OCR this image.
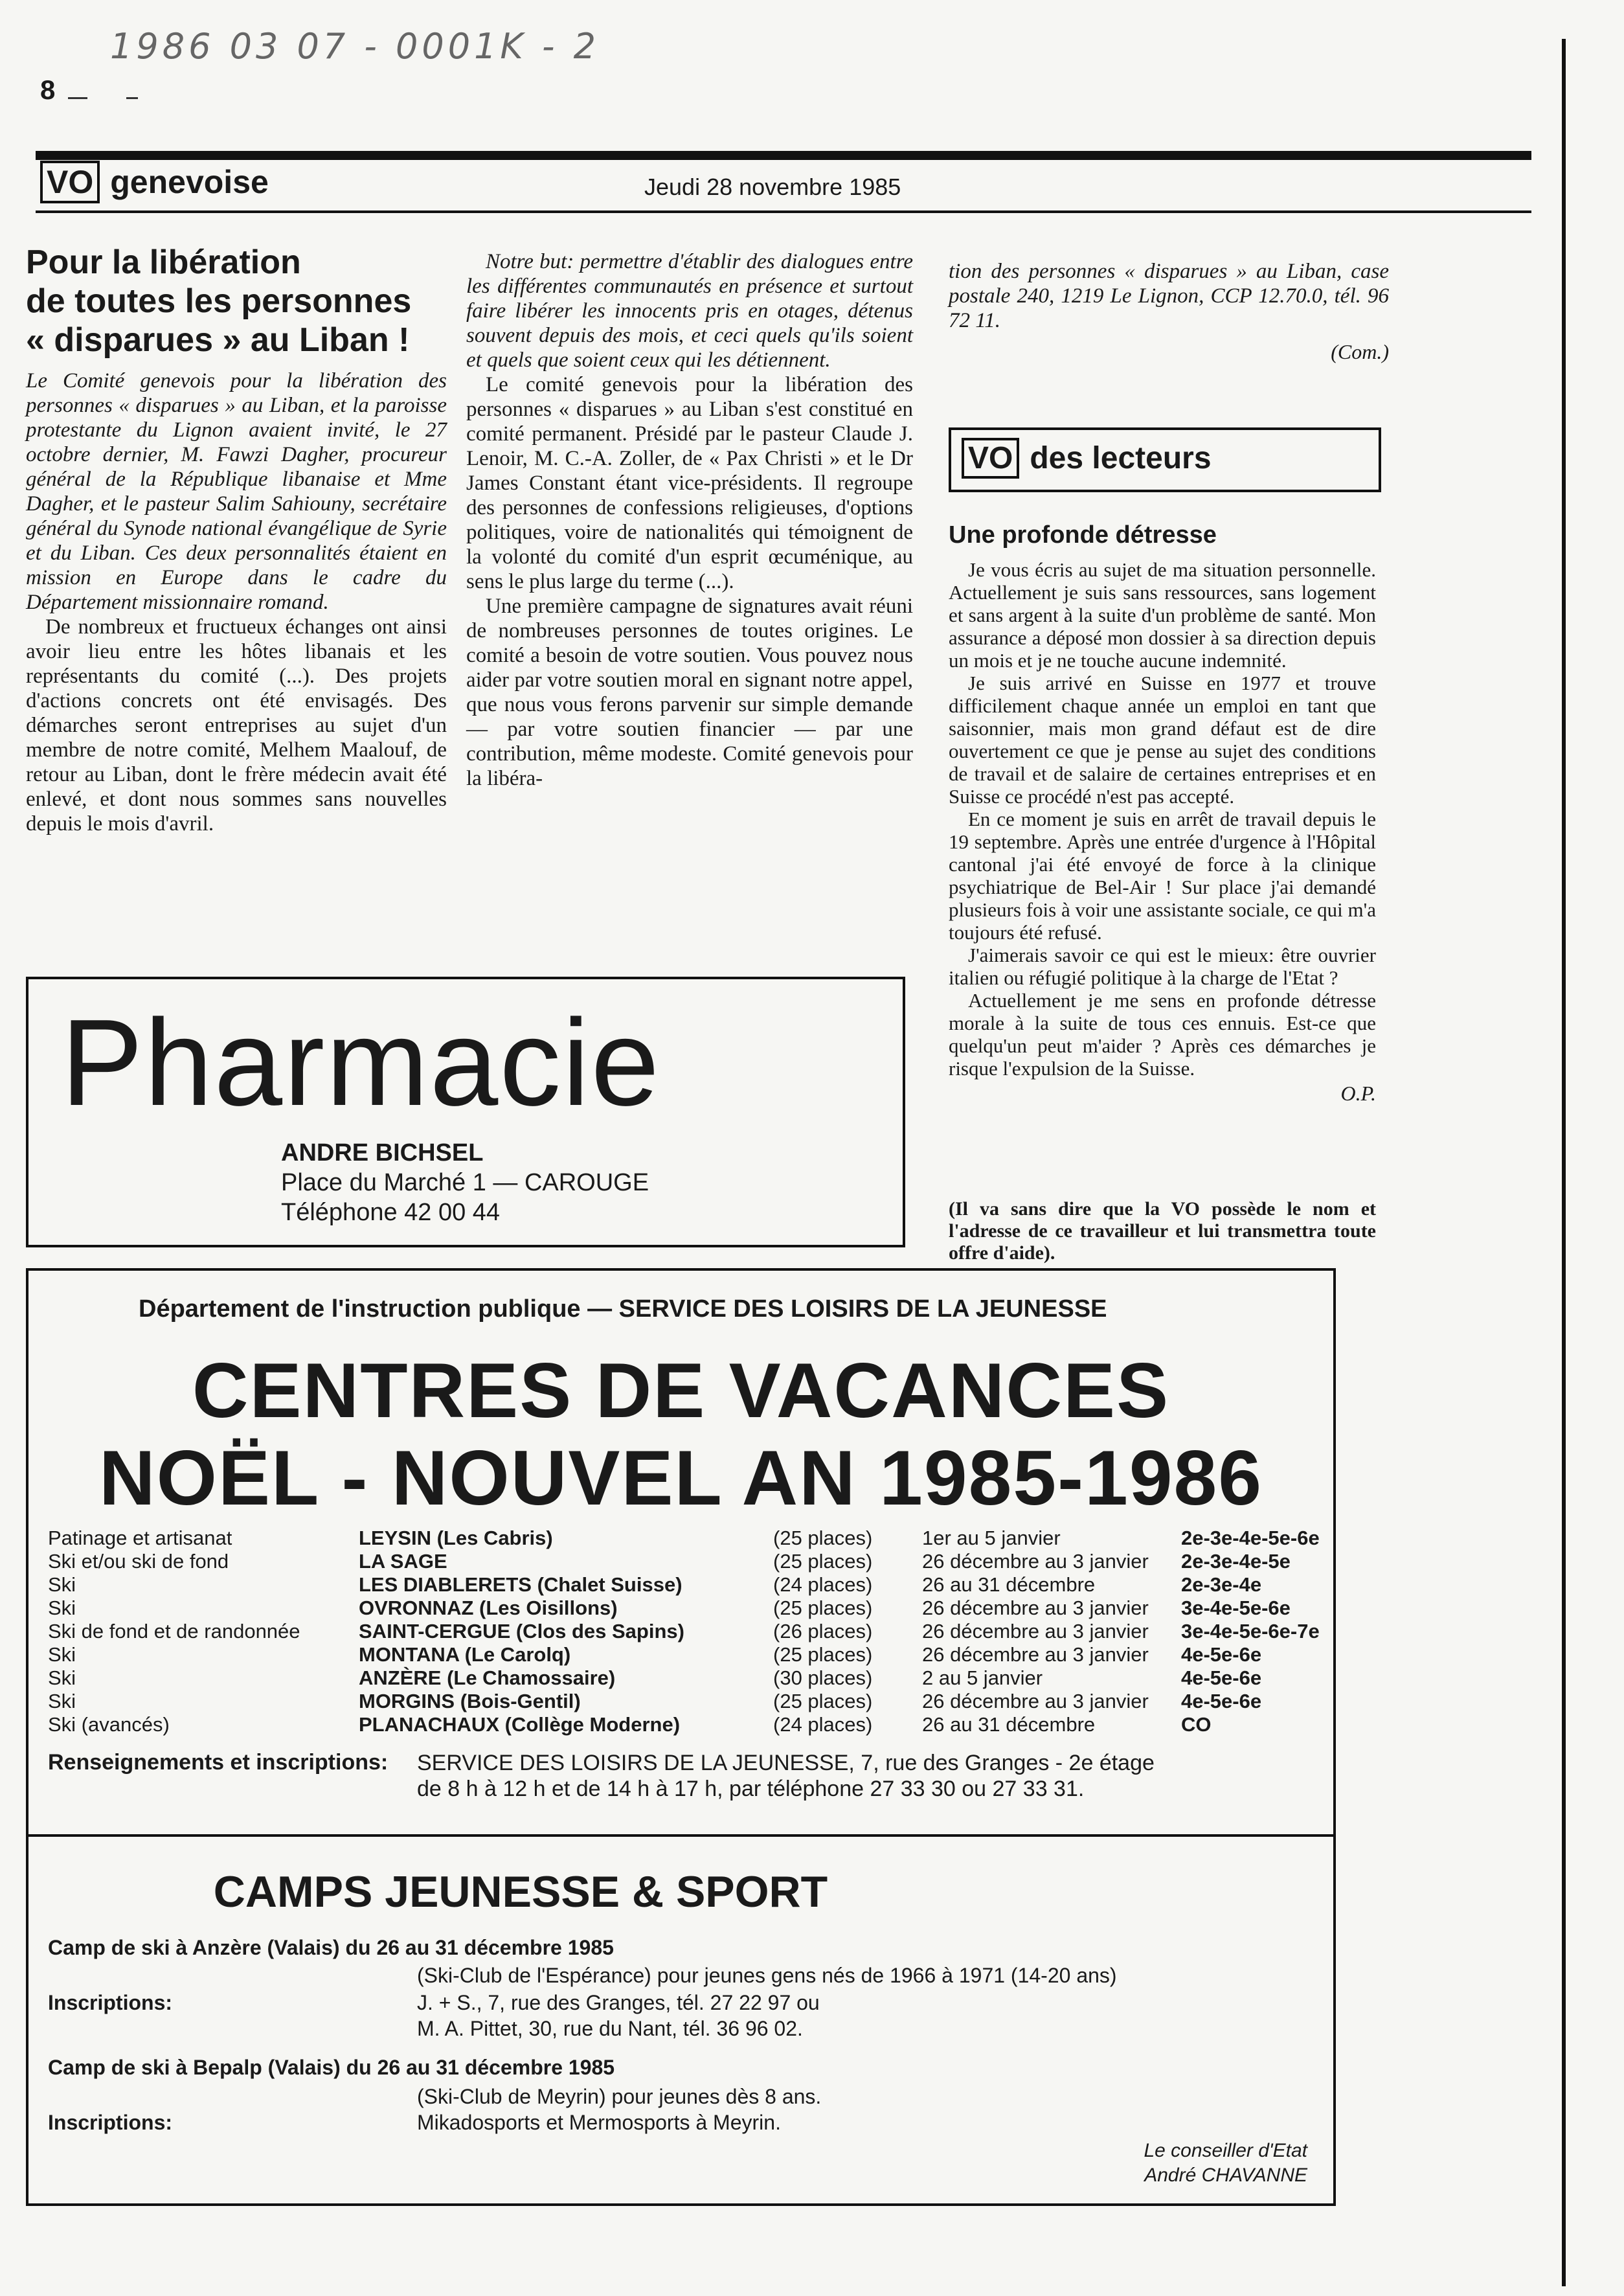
1986 03 07 - 0001K - 2
8
VO genevoise	Jeudi 28 novembre 1985
Pour la libération
de toutes les personnes
« disparues » au Liban !

Le Comité genevois pour la libération des personnes « disparues » au Liban, et la paroisse protestante du Lignon avaient invité, le 27 octobre dernier, M. Fawzi Dagher, procureur général de la République libanaise et Mme Dagher, et le pasteur Salim Sahiouny, secrétaire général du Synode national évangélique de Syrie et du Liban. Ces deux personnalités étaient en mission en Europe dans le cadre du Département missionnaire romand.

De nombreux et fructueux échanges ont ainsi avoir lieu entre les hôtes libanais et les représentants du comité (...). Des projets d'actions concrets ont été envisagés. Des démarches seront entreprises au sujet d'un membre de notre comité, Melhem Maalouf, de retour au Liban, dont le frère médecin avait été enlevé, et dont nous sommes sans nouvelles depuis le mois d'avril.

Notre but: permettre d'établir des dialogues entre les différentes communautés en présence et surtout faire libérer les innocents pris en otages, détenus souvent depuis des mois, et ceci quels qu'ils soient et quels que soient ceux qui les détiennent.

Le comité genevois pour la libération des personnes « disparues » au Liban s'est constitué en comité permanent. Présidé par le pasteur Claude J. Lenoir, M. C.-A. Zoller, de « Pax Christi » et le Dr James Constant étant vice-présidents. Il regroupe des personnes de confessions religieuses, d'options politiques, voire de nationalités qui témoignent de la volonté du comité d'un esprit œcuménique, au sens le plus large du terme (...).

Une première campagne de signatures avait réuni de nombreuses personnes de toutes origines. Le comité a besoin de votre soutien. Vous pouvez nous aider par votre soutien moral en signant notre appel, que nous vous ferons parvenir sur simple demande — par votre soutien financier — par une contribution, même modeste. Comité genevois pour la libéra-

tion des personnes « disparues » au Liban, case postale 240, 1219 Le Lignon, CCP 12.70.0, tél. 96 72 11.

(Com.)
VO des lecteurs
Une profonde détresse

Je vous écris au sujet de ma situation personnelle. Actuellement je suis sans ressources, sans logement et sans argent à la suite d'un problème de santé. Mon assurance a déposé mon dossier à sa direction depuis un mois et je ne touche aucune indemnité.

Je suis arrivé en Suisse en 1977 et trouve difficilement chaque année un emploi en tant que saisonnier, mais mon grand défaut est de dire ouvertement ce que je pense au sujet des conditions de travail et de salaire de certaines entreprises et en Suisse ce procédé n'est pas accepté.

En ce moment je suis en arrêt de travail depuis le 19 septembre. Après une entrée d'urgence à l'Hôpital cantonal j'ai été envoyé de force à la clinique psychiatrique de Bel-Air ! Sur place j'ai demandé plusieurs fois à voir une assistante sociale, ce qui m'a toujours été refusé.

J'aimerais savoir ce qui est le mieux: être ouvrier italien ou réfugié politique à la charge de l'Etat ?

Actuellement je me sens en profonde détresse morale à la suite de tous ces ennuis. Est-ce que quelqu'un peut m'aider ? Après ces démarches je risque l'expulsion de la Suisse.

O.P.
(Il va sans dire que la VO possède le nom et l'adresse de ce travailleur et lui transmettra toute offre d'aide).
Pharmacie
ANDRE BICHSEL
Place du Marché 1 — CAROUGE
Téléphone 42 00 44
Département de l'instruction publique — SERVICE DES LOISIRS DE LA JEUNESSE
CENTRES DE VACANCES
NOËL - NOUVEL AN 1985-1986
Patinage et artisanat	LEYSIN (Les Cabris)	(25 places) 1er au 5 janvier	2e-3e-4e-5e-6e
Ski et/ou ski de fond	LA SAGE	(25 places) 26 décembre au 3 janvier 2e-3e-4e-5e
Ski	LES DIABLERETS (Chalet Suisse)	(24 places) 26 au 31 décembre	2e-3e-4e
Ski	OVRONNAZ (Les Oisillons)	(25 places) 26 décembre au 3 janvier 3e-4e-5e-6e
Ski de fond et de randonnée	SAINT-CERGUE (Clos des Sapins)	(26 places) 26 décembre au 3 janvier 3e-4e-5e-6e-7e
Ski	MONTANA (Le Carolq)	(25 places) 26 décembre au 3 janvier 4e-5e-6e
Ski	ANZÈRE (Le Chamossaire)	(30 places) 2 au 5 janvier	4e-5e-6e
Ski	MORGINS (Bois-Gentil)	(25 places) 26 décembre au 3 janvier 4e-5e-6e
Ski (avancés)	PLANACHAUX (Collège Moderne)	(24 places) 26 au 31 décembre	CO
Renseignements et inscriptions: SERVICE DES LOISIRS DE LA JEUNESSE, 7, rue des Granges - 2e étage
de 8 h à 12 h et de 14 h à 17 h, par téléphone 27 33 30 ou 27 33 31.
CAMPS JEUNESSE & SPORT
Camp de ski à Anzère (Valais) du 26 au 31 décembre 1985
(Ski-Club de l'Espérance) pour jeunes gens nés de 1966 à 1971 (14-20 ans)
Inscriptions:	J. + S., 7, rue des Granges, tél. 27 22 97 ou
M. A. Pittet, 30, rue du Nant, tél. 36 96 02.
Camp de ski à Bepalp (Valais) du 26 au 31 décembre 1985
(Ski-Club de Meyrin) pour jeunes dès 8 ans.
Inscriptions:	Mikadosports et Mermosports à Meyrin.
Le conseiller d'Etat
André CHAVANNE
